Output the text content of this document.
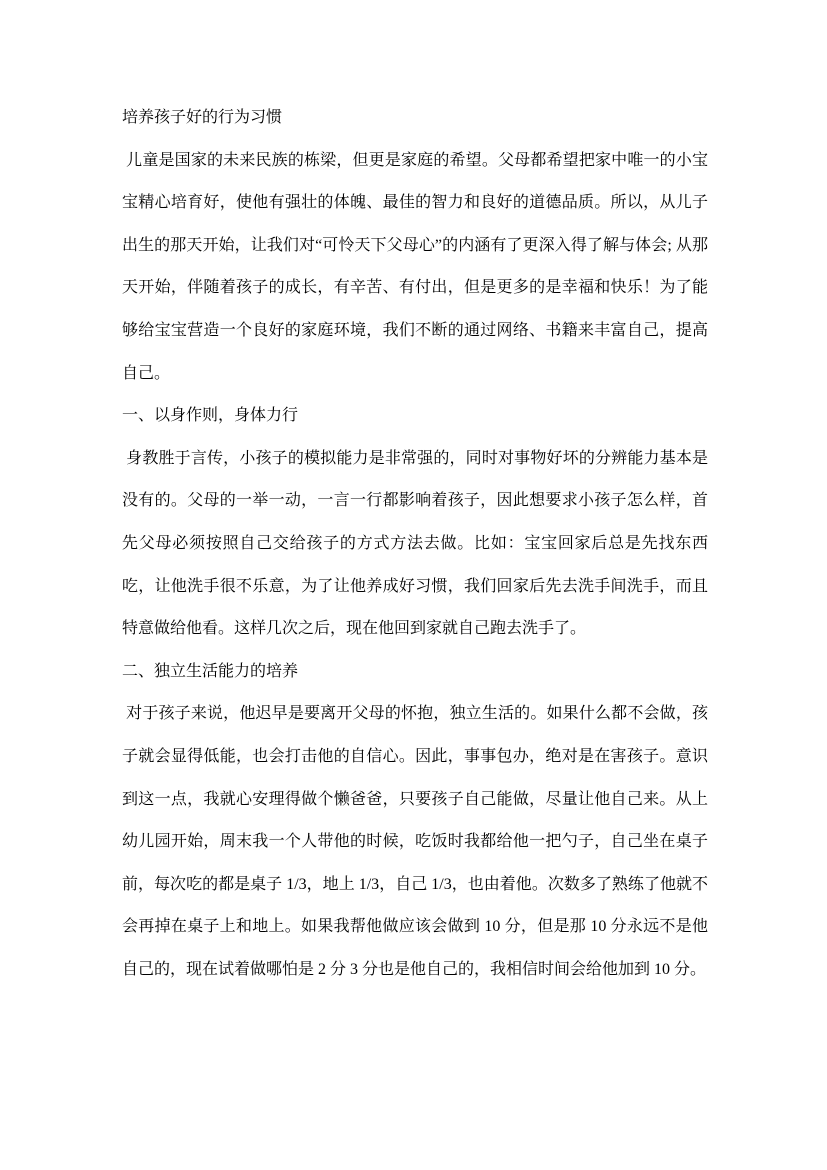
培养孩子好的行为习惯

儿童是国家的未来民族的栋梁，但更是家庭的希望。父母都希望把家中唯一的小宝宝精心培育好，使他有强壮的体魄、最佳的智力和良好的道德品质。所以，从儿子出生的那天开始，让我们对“可怜天下父母心”的内涵有了更深入得了解与体会; 从那天开始，伴随着孩子的成长，有辛苦、有付出，但是更多的是幸福和快乐！为了能够给宝宝营造一个良好的家庭环境，我们不断的通过网络、书籍来丰富自己，提高自己。

一、以身作则，身体力行

身教胜于言传，小孩子的模拟能力是非常强的，同时对事物好坏的分辨能力基本是没有的。父母的一举一动，一言一行都影响着孩子，因此想要求小孩子怎么样，首先父母必须按照自己交给孩子的方式方法去做。比如：宝宝回家后总是先找东西吃，让他洗手很不乐意，为了让他养成好习惯，我们回家后先去洗手间洗手，而且特意做给他看。这样几次之后，现在他回到家就自己跑去洗手了。

二、独立生活能力的培养

对于孩子来说，他迟早是要离开父母的怀抱，独立生活的。如果什么都不会做，孩子就会显得低能，也会打击他的自信心。因此，事事包办，绝对是在害孩子。意识到这一点，我就心安理得做个懒爸爸，只要孩子自己能做，尽量让他自己来。从上幼儿园开始，周末我一个人带他的时候，吃饭时我都给他一把勺子，自己坐在桌子前，每次吃的都是桌子 1/3，地上 1/3，自己 1/3，也由着他。次数多了熟练了他就不会再掉在桌子上和地上。如果我帮他做应该会做到 10 分，但是那 10 分永远不是他自己的，现在试着做哪怕是 2 分 3 分也是他自己的，我相信时间会给他加到 10 分。
